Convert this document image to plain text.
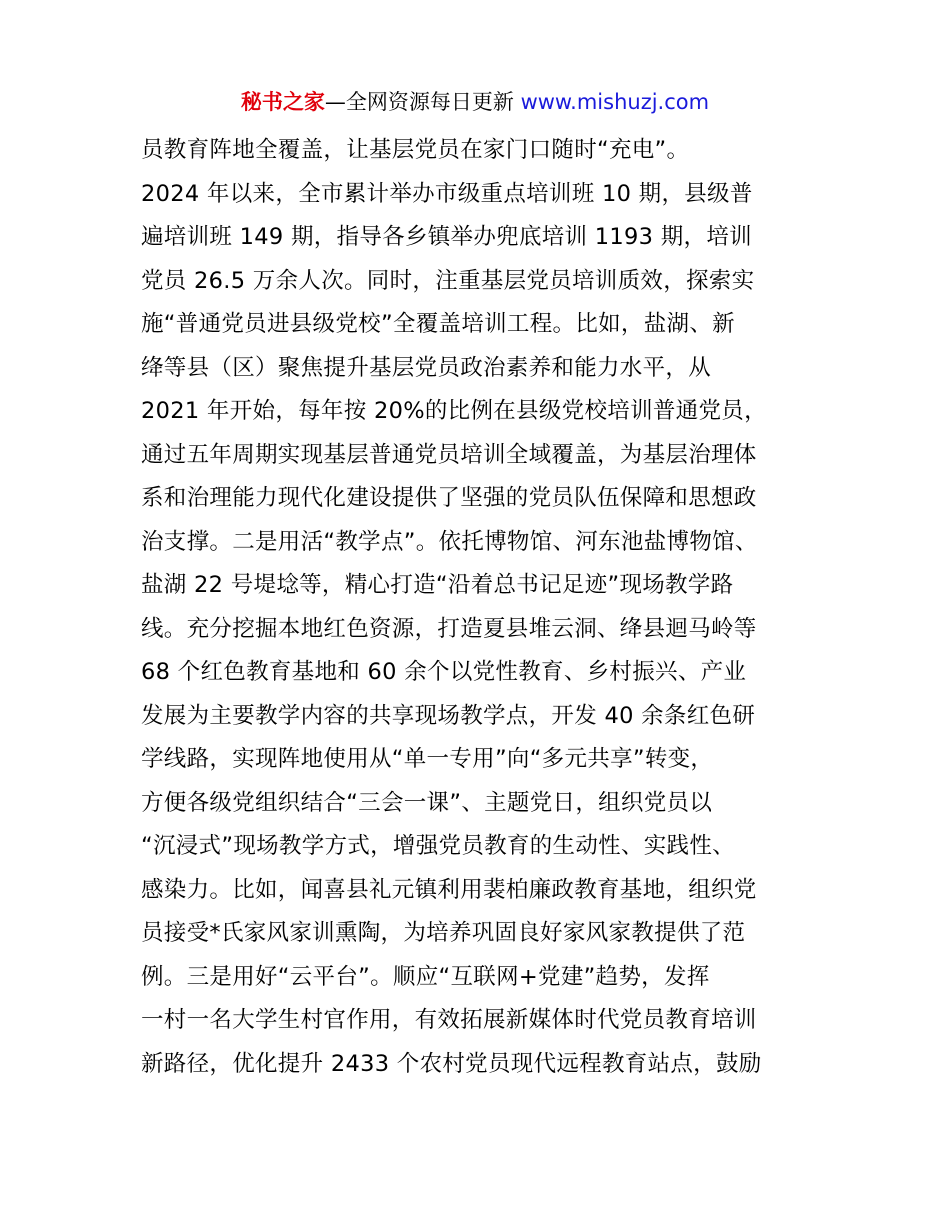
秘书之家—全网资源每日更新 www.mishuzj.com
员教育阵地全覆盖，让基层党员在家门口随时“充电”。
2024 年以来，全市累计举办市级重点培训班 10 期，县级普
遍培训班 149 期，指导各乡镇举办兜底培训 1193 期，培训
党员 26.5 万余人次。同时，注重基层党员培训质效，探索实
施“普通党员进县级党校”全覆盖培训工程。比如，盐湖、新
绛等县（区）聚焦提升基层党员政治素养和能力水平，从
2021 年开始，每年按 20%的比例在县级党校培训普通党员，
通过五年周期实现基层普通党员培训全域覆盖，为基层治理体
系和治理能力现代化建设提供了坚强的党员队伍保障和思想政
治支撑。二是用活“教学点”。依托博物馆、河东池盐博物馆、
盐湖 22 号堤埝等，精心打造“沿着总书记足迹”现场教学路
线。充分挖掘本地红色资源，打造夏县堆云洞、绛县迴马岭等
68 个红色教育基地和 60 余个以党性教育、乡村振兴、产业
发展为主要教学内容的共享现场教学点，开发 40 余条红色研
学线路，实现阵地使用从“单一专用”向“多元共享”转变，
方便各级党组织结合“三会一课”、主题党日，组织党员以
“沉浸式”现场教学方式，增强党员教育的生动性、实践性、
感染力。比如，闻喜县礼元镇利用裴柏廉政教育基地，组织党
员接受*氏家风家训熏陶，为培养巩固良好家风家教提供了范
例。三是用好“云平台”。顺应“互联网+党建”趋势，发挥
一村一名大学生村官作用，有效拓展新媒体时代党员教育培训
新路径，优化提升 2433 个农村党员现代远程教育站点，鼓励
